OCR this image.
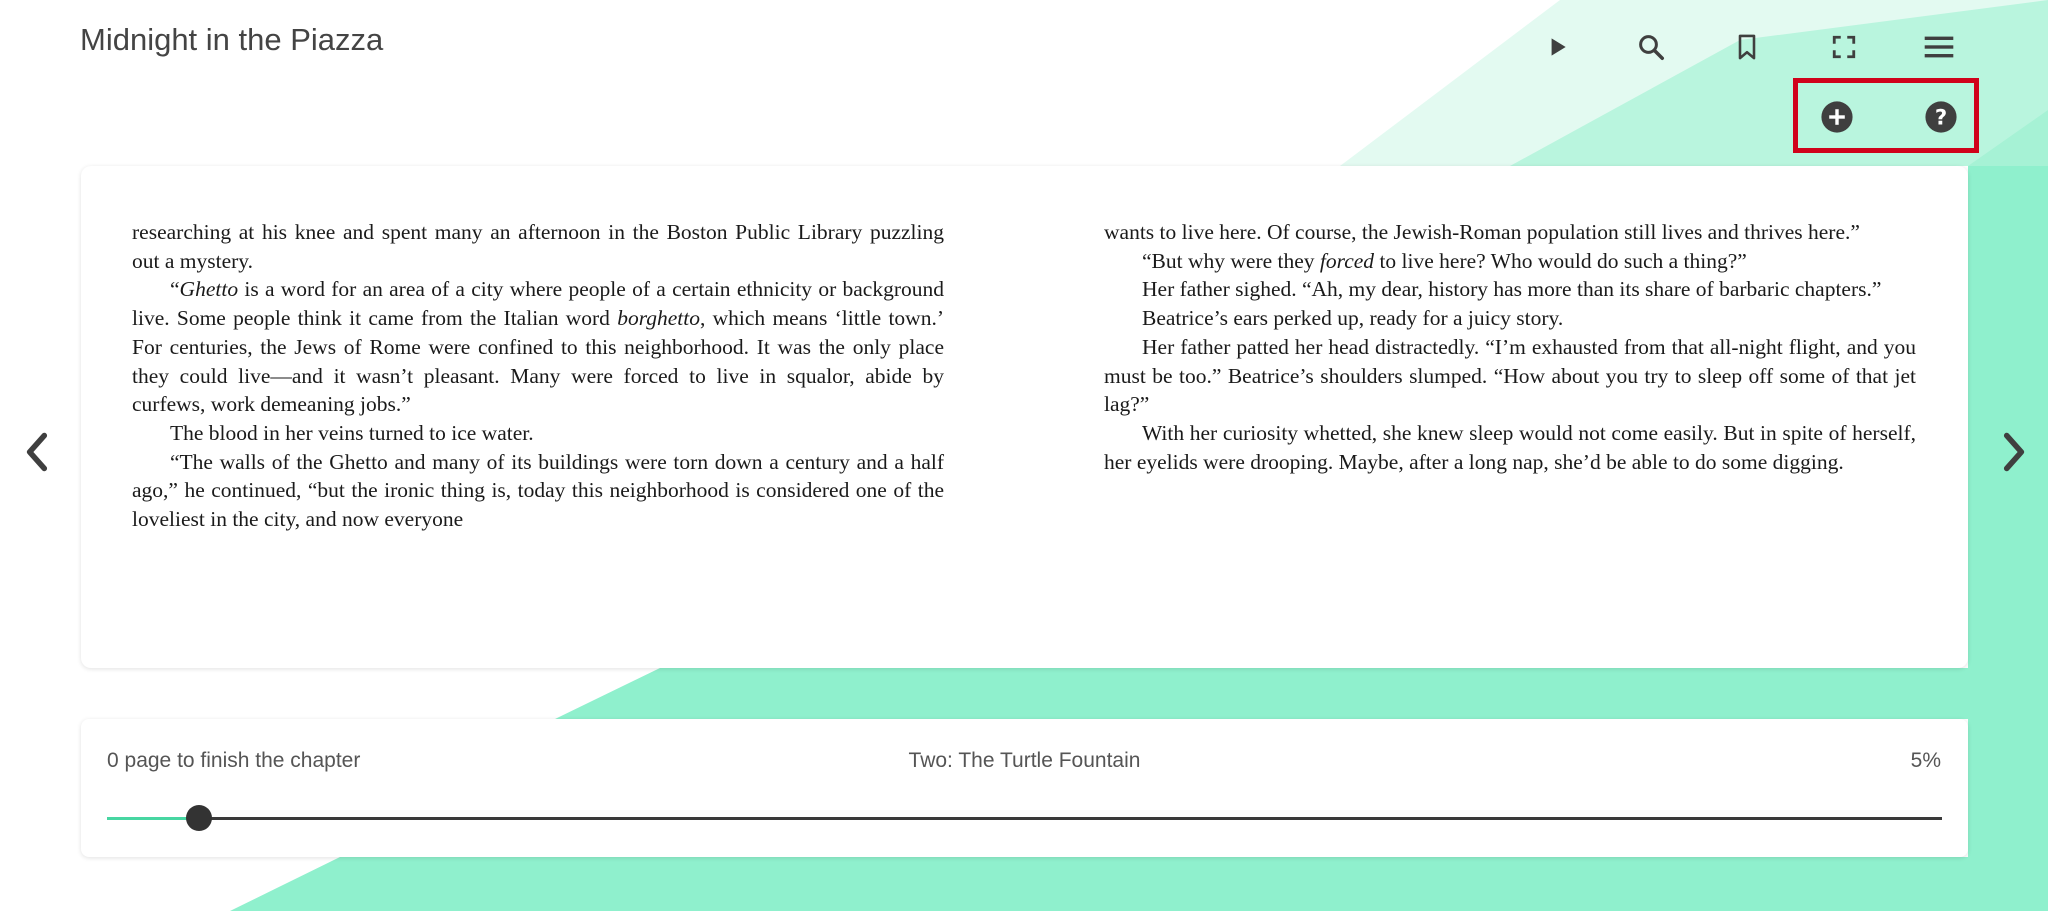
Midnight in the Piazza
?

researching at his knee and spent many an afternoon in the Boston Public Library puzzling out a mystery.

“Ghetto is a word for an area of a city where people of a certain ethnicity or background live. Some people think it came from the Italian word borghetto, which means ‘little town.’ For centuries, the Jews of Rome were confined to this neighborhood. It was the only place they could live—and it wasn’t pleasant. Many were forced to live in squalor, abide by curfews, work demeaning jobs.”

The blood in her veins turned to ice water.

“The walls of the Ghetto and many of its buildings were torn down a century and a half ago,” he continued, “but the ironic thing is, today this neighborhood is considered one of the loveliest in the city, and now everyone

wants to live here. Of course, the Jewish-Roman population still lives and thrives here.”

“But why were they forced to live here? Who would do such a thing?”

Her father sighed. “Ah, my dear, history has more than its share of barbaric chapters.”

Beatrice’s ears perked up, ready for a juicy story.

Her father patted her head distractedly. “I’m exhausted from that all-night flight, and you must be too.” Beatrice’s shoulders slumped. “How about you try to sleep off some of that jet lag?”

With her curiosity whetted, she knew sleep would not come easily. But in spite of herself, her eyelids were drooping. Maybe, after a long nap, she’d be able to do some digging.

0 page to finish the chapter	Two: The Turtle Fountain	5%
